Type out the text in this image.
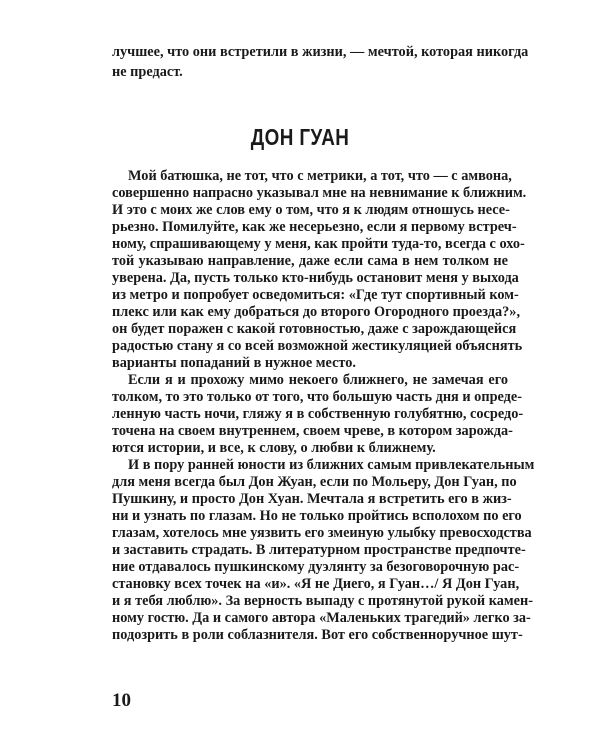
лучшее, что они встретили в жизни, — мечтой, которая никогда
не предаст.
ДОН ГУАН
Мой батюшка, не тот, что с метрики, а тот, что — с амвона,
совершенно напрасно указывал мне на невнимание к ближним.
И это с моих же слов ему о том, что я к людям отношусь несе-
рьезно. Помилуйте, как же несерьезно, если я первому встреч-
ному, спрашивающему у меня, как пройти туда-то, всегда с охо-
той указываю направление, даже если сама в нем толком не
уверена. Да, пусть только кто-нибудь остановит меня у выхода
из метро и попробует осведомиться: «Где тут спортивный ком-
плекс или как ему добраться до второго Огородного проезда?»,
он будет поражен с какой готовностью, даже с зарождающейся
радостью стану я со всей возможной жестикуляцией объяснять
варианты попаданий в нужное место.
Если я и прохожу мимо некоего ближнего, не замечая его
толком, то это только от того, что большую часть дня и опреде-
ленную часть ночи, гляжу я в собственную голубятню, сосредо-
точена на своем внутреннем, своем чреве, в котором зарожда-
ются истории, и все, к слову, о любви к ближнему.
И в пору ранней юности из ближних самым привлекательным
для меня всегда был Дон Жуан, если по Мольеру, Дон Гуан, по
Пушкину, и просто Дон Хуан. Мечтала я встретить его в жиз-
ни и узнать по глазам. Но не только пройтись всполохом по его
глазам, хотелось мне уязвить его змеиную улыбку превосходства
и заставить страдать. В литературном пространстве предпочте-
ние отдавалось пушкинскому дуэлянту за безоговорочную рас-
становку всех точек на «и». «Я не Диего, я Гуан…/ Я Дон Гуан,
и я тебя люблю». За верность выпаду с протянутой рукой камен-
ному гостю. Да и самого автора «Маленьких трагедий» легко за-
подозрить в роли соблазнителя. Вот его собственноручное шут-
10
